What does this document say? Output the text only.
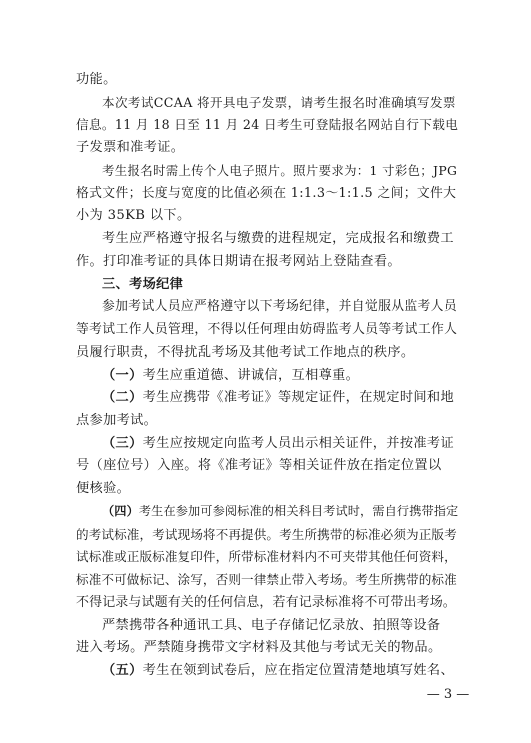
功能。
本次考试CCAA 将开具电子发票，请考生报名时准确填写发票
信息。11 月 18 日至 11 月 24 日考生可登陆报名网站自行下载电
子发票和准考证。
考生报名时需上传个人电子照片。照片要求为：1 寸彩色；JPG
格式文件；长度与宽度的比值必须在 1:1.3～1:1.5 之间；文件大
小为 35KB 以下。
考生应严格遵守报名与缴费的进程规定，完成报名和缴费工
作。打印准考证的具体日期请在报考网站上登陆查看。
三、考场纪律
参加考试人员应严格遵守以下考场纪律，并自觉服从监考人员
等考试工作人员管理，不得以任何理由妨碍监考人员等考试工作人
员履行职责，不得扰乱考场及其他考试工作地点的秩序。
（一）考生应重道德、讲诚信，互相尊重。
（二）考生应携带《准考证》等规定证件，在规定时间和地
点参加考试。
（三）考生应按规定向监考人员出示相关证件，并按准考证
号（座位号）入座。将《准考证》等相关证件放在指定位置以
便核验。
（四）考生在参加可参阅标准的相关科目考试时，需自行携带指定
的考试标准，考试现场将不再提供。考生所携带的标准必须为正版考
试标准或正版标准复印件，所带标准材料内不可夹带其他任何资料，
标准不可做标记、涂写，否则一律禁止带入考场。考生所携带的标准
不得记录与试题有关的任何信息，若有记录标准将不可带出考场。
严禁携带各种通讯工具、电子存储记忆录放、拍照等设备
进入考场。严禁随身携带文字材料及其他与考试无关的物品。
（五）考生在领到试卷后，应在指定位置清楚地填写姓名、
— 3 —
